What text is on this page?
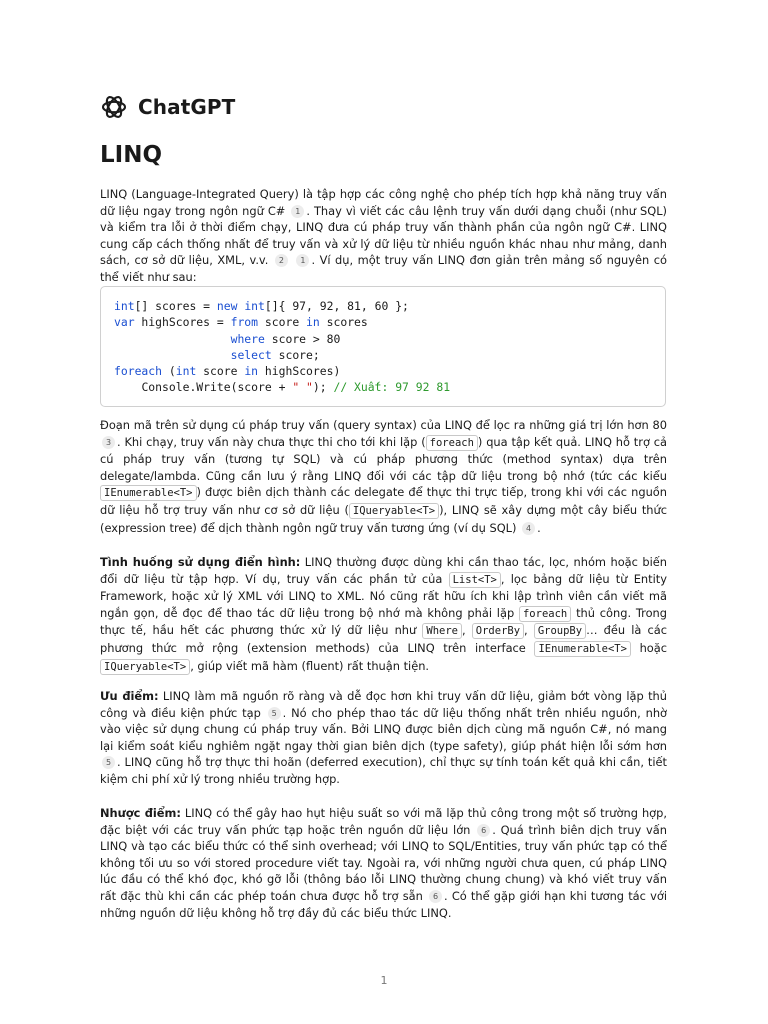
ChatGPT
LINQ

LINQ (Language-Integrated Query) là tập hợp các công nghệ cho phép tích hợp khả năng truy vấn dữ liệu ngay trong ngôn ngữ C# 1 . Thay vì viết các câu lệnh truy vấn dưới dạng chuỗi (như SQL) và kiểm tra lỗi ở thời điểm chạy, LINQ đưa cú pháp truy vấn thành phần của ngôn ngữ C#. LINQ cung cấp cách thống nhất để truy vấn và xử lý dữ liệu từ nhiều nguồn khác nhau như mảng, danh sách, cơ sở dữ liệu, XML, v.v. 2 1 . Ví dụ, một truy vấn LINQ đơn giản trên mảng số nguyên có thể viết như sau:

int[] scores = new int[]{ 97, 92, 81, 60 };
var highScores = from score in scores
where score > 80
select score;
foreach (int score in highScores)
Console.Write(score + " "); // Xuất: 97 92 81

Đoạn mã trên sử dụng cú pháp truy vấn (query syntax) của LINQ để lọc ra những giá trị lớn hơn 80 3 . Khi chạy, truy vấn này chưa thực thi cho tới khi lặp ( foreach ) qua tập kết quả. LINQ hỗ trợ cả cú pháp truy vấn (tương tự SQL) và cú pháp phương thức (method syntax) dựa trên delegate/lambda. Cũng cần lưu ý rằng LINQ đối với các tập dữ liệu trong bộ nhớ (tức các kiểu IEnumerable<T> ) được biên dịch thành các delegate để thực thi trực tiếp, trong khi với các nguồn dữ liệu hỗ trợ truy vấn như cơ sở dữ liệu ( IQueryable<T> ), LINQ sẽ xây dựng một cây biểu thức (expression tree) để dịch thành ngôn ngữ truy vấn tương ứng (ví dụ SQL) 4 .

Tình huống sử dụng điển hình: LINQ thường được dùng khi cần thao tác, lọc, nhóm hoặc biến đổi dữ liệu từ tập hợp. Ví dụ, truy vấn các phần tử của List<T> , lọc bảng dữ liệu từ Entity Framework, hoặc xử lý XML với LINQ to XML. Nó cũng rất hữu ích khi lập trình viên cần viết mã ngắn gọn, dễ đọc để thao tác dữ liệu trong bộ nhớ mà không phải lặp foreach thủ công. Trong thực tế, hầu hết các phương thức xử lý dữ liệu như Where , OrderBy , GroupBy … đều là các phương thức mở rộng (extension methods) của LINQ trên interface IEnumerable<T> hoặc IQueryable<T> , giúp viết mã hàm (fluent) rất thuận tiện.

Ưu điểm: LINQ làm mã nguồn rõ ràng và dễ đọc hơn khi truy vấn dữ liệu, giảm bớt vòng lặp thủ công và điều kiện phức tạp 5 . Nó cho phép thao tác dữ liệu thống nhất trên nhiều nguồn, nhờ vào việc sử dụng chung cú pháp truy vấn. Bởi LINQ được biên dịch cùng mã nguồn C#, nó mang lại kiểm soát kiểu nghiêm ngặt ngay thời gian biên dịch (type safety), giúp phát hiện lỗi sớm hơn 5 . LINQ cũng hỗ trợ thực thi hoãn (deferred execution), chỉ thực sự tính toán kết quả khi cần, tiết kiệm chi phí xử lý trong nhiều trường hợp.

Nhược điểm: LINQ có thể gây hao hụt hiệu suất so với mã lặp thủ công trong một số trường hợp, đặc biệt với các truy vấn phức tạp hoặc trên nguồn dữ liệu lớn 6 . Quá trình biên dịch truy vấn LINQ và tạo các biểu thức có thể sinh overhead; với LINQ to SQL/Entities, truy vấn phức tạp có thể không tối ưu so với stored procedure viết tay. Ngoài ra, với những người chưa quen, cú pháp LINQ lúc đầu có thể khó đọc, khó gỡ lỗi (thông báo lỗi LINQ thường chung chung) và khó viết truy vấn rất đặc thù khi cần các phép toán chưa được hỗ trợ sẵn 6 . Có thể gặp giới hạn khi tương tác với những nguồn dữ liệu không hỗ trợ đầy đủ các biểu thức LINQ.

1
